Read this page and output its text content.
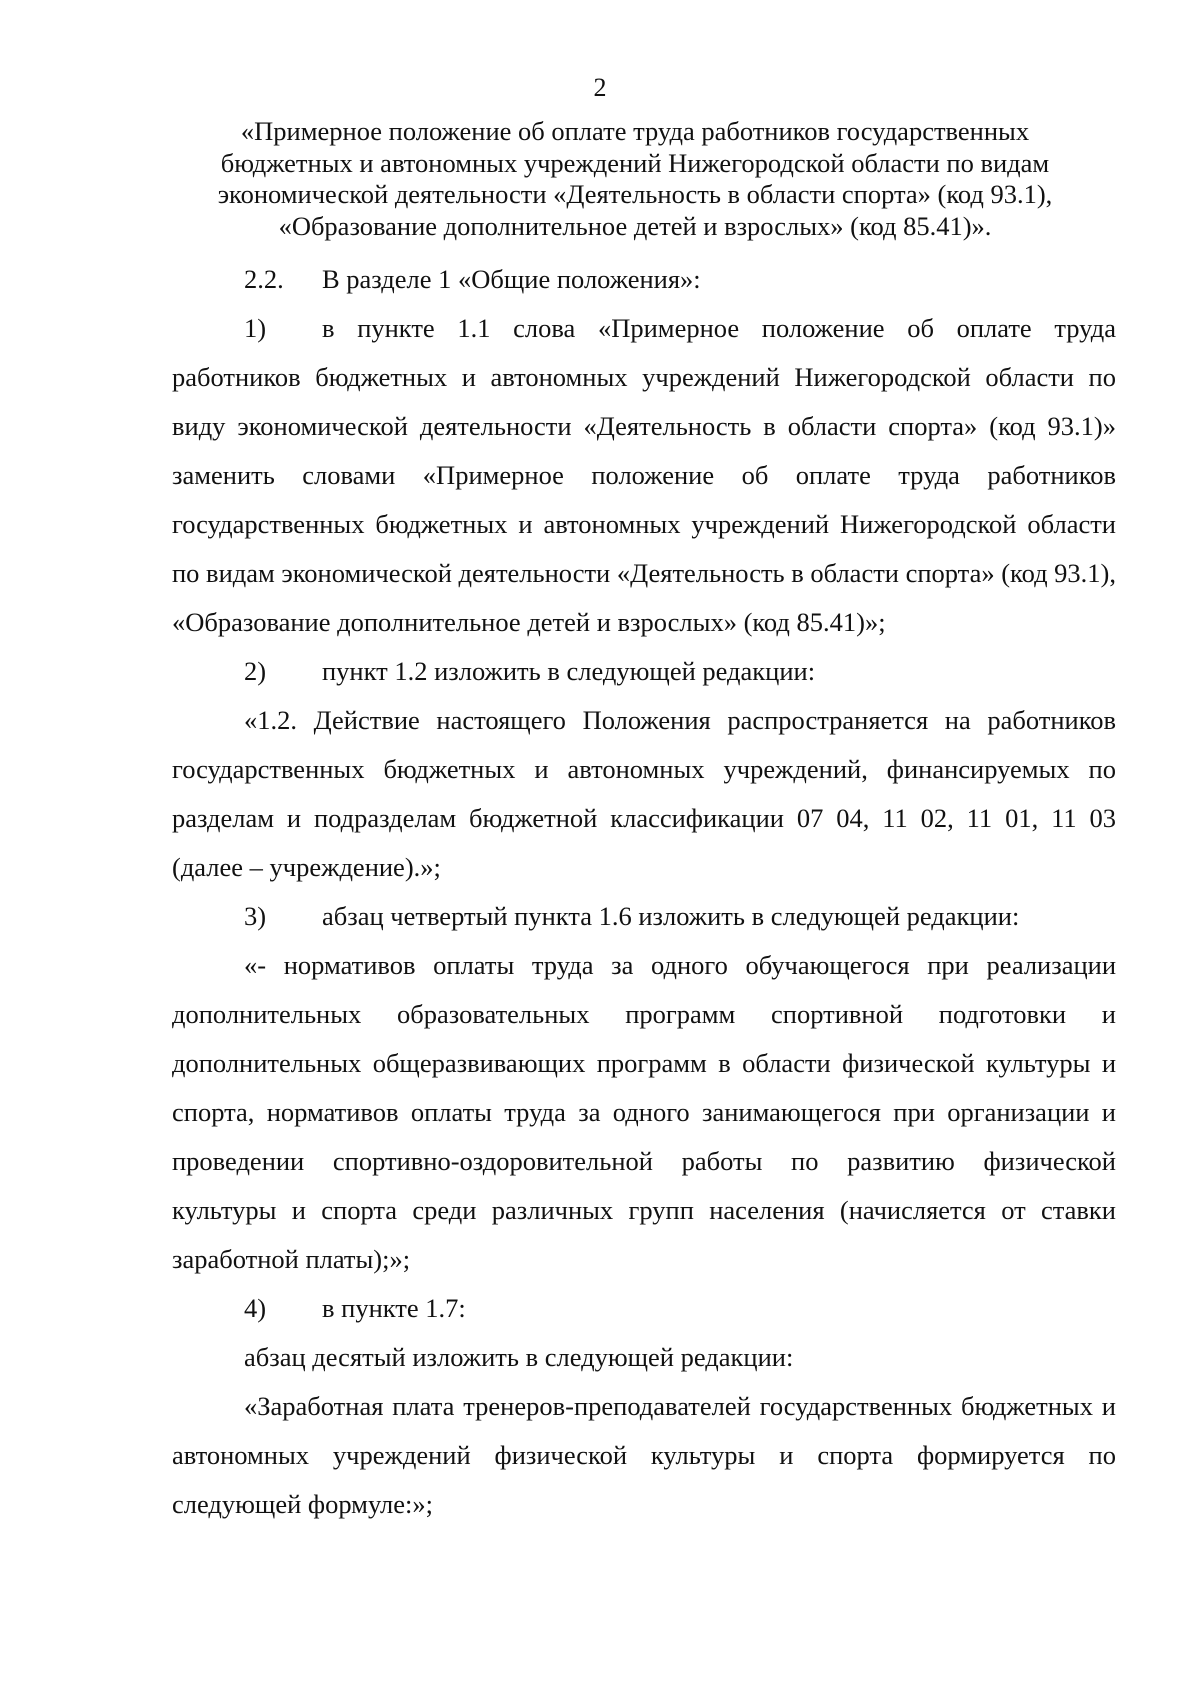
2
«Примерное положение об оплате труда работников государственных
бюджетных и автономных учреждений Нижегородской области по видам
экономической деятельности «Деятельность в области спорта» (код 93.1),
«Образование дополнительное детей и взрослых» (код 85.41)».

2.2. В разделе 1 «Общие положения»:

1) в пункте 1.1 слова «Примерное положение об оплате труда работников бюджетных и автономных учреждений Нижегородской области по виду экономической деятельности «Деятельность в области спорта» (код 93.1)» заменить словами «Примерное положение об оплате труда работников государственных бюджетных и автономных учреждений Нижегородской области по видам экономической деятельности «Деятельность в области спорта» (код 93.1), «Образование дополнительное детей и взрослых» (код 85.41)»;

2) пункт 1.2 изложить в следующей редакции:

«1.2. Действие настоящего Положения распространяется на работников государственных бюджетных и автономных учреждений, финансируемых по разделам и подразделам бюджетной классификации 07 04, 11 02, 11 01, 11 03 (далее – учреждение).»;

3) абзац четвертый пункта 1.6 изложить в следующей редакции:

«- нормативов оплаты труда за одного обучающегося при реализации дополнительных образовательных программ спортивной подготовки и дополнительных общеразвивающих программ в области физической культуры и спорта, нормативов оплаты труда за одного занимающегося при организации и проведении спортивно-оздоровительной работы по развитию физической культуры и спорта среди различных групп населения (начисляется от ставки заработной платы);»;

4) в пункте 1.7:

абзац десятый изложить в следующей редакции:

«Заработная плата тренеров-преподавателей государственных бюджетных и автономных учреждений физической культуры и спорта формируется по следующей формуле:»;
